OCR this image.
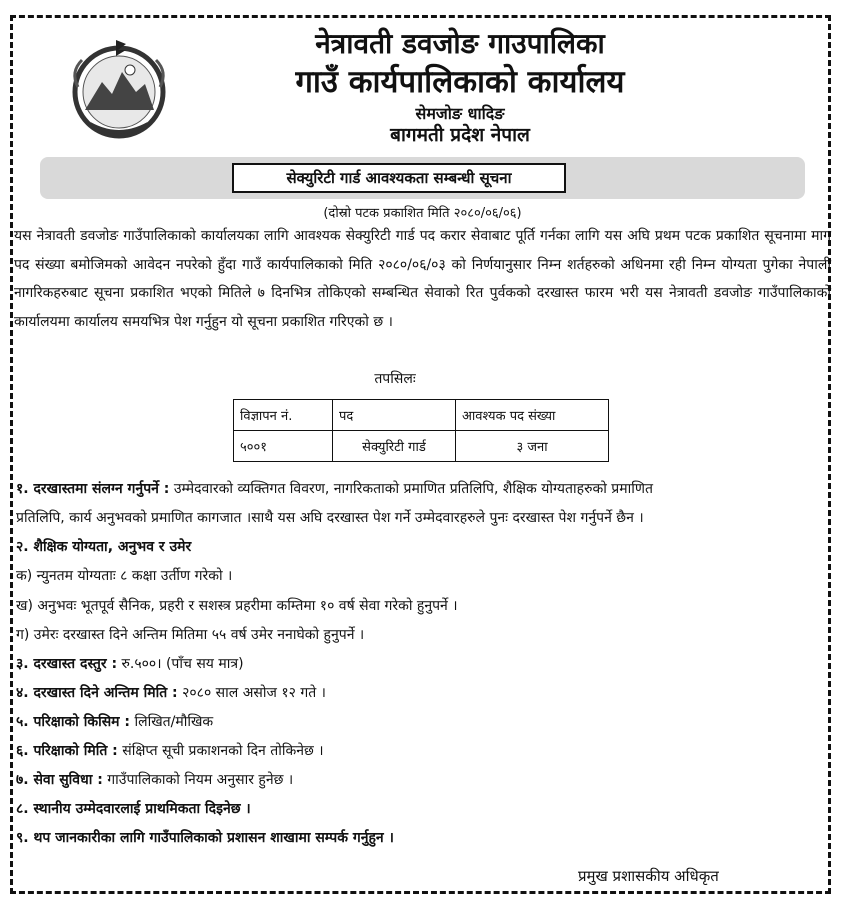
नेत्रावती डवजोङ गाउपालिका
गाउँ कार्यपालिकाको कार्यालय
सेमजोङ धादिङ
बागमती प्रदेश नेपाल
सेक्युरिटी गार्ड आवश्यकता सम्बन्धी सूचना
(दोस्रो पटक प्रकाशित मिति २०८०/०६/०६)
यस नेत्रावती डवजोङ गाउँपालिकाको कार्यालयका लागि आवश्यक सेक्युरिटी गार्ड पद करार सेवाबाट पूर्ति गर्नका लागि यस अघि प्रथम पटक प्रकाशित सूचनामा माग पद संख्या बमोजिमको आवेदन नपरेको हुँदा गाउँ कार्यपालिकाको मिति २०८०/०६/०३ को निर्णयानुसार निम्न शर्तहरुको अधिनमा रही निम्न योग्यता पुगेका नेपाली नागरिकहरुबाट सूचना प्रकाशित भएको मितिले ७ दिनभित्र तोकिएको सम्बन्धित सेवाको रित पुर्वकको दरखास्त फारम भरी यस नेत्रावती डवजोङ गाउँपालिकाको कार्यालयमा कार्यालय समयभित्र पेश गर्नुहुन यो सूचना प्रकाशित गरिएको छ ।
तपसिलः
विज्ञापन नं.	पद	आवश्यक पद संख्या
५००१	सेक्युरिटी गार्ड	३ जना
१. दरखास्तमा संलग्न गर्नुपर्ने : उम्मेदवारको व्यक्तिगत विवरण, नागरिकताको प्रमाणित प्रतिलिपि, शैक्षिक योग्यताहरुको प्रमाणित
प्रतिलिपि, कार्य अनुभवको प्रमाणित कागजात ।साथै यस अघि दरखास्त पेश गर्ने उम्मेदवारहरुले पुनः दरखास्त पेश गर्नुपर्ने छैन ।
२. शैक्षिक योग्यता, अनुभव र उमेर
क) न्युनतम योग्यताः ८ कक्षा उर्तीण गरेको ।
ख) अनुभवः भूतपूर्व सैनिक, प्रहरी र सशस्त्र प्रहरीमा कम्तिमा १० वर्ष सेवा गरेको हुनुपर्ने ।
ग) उमेरः दरखास्त दिने अन्तिम मितिमा ५५ वर्ष उमेर ननाघेको हुनुपर्ने ।
३. दरखास्त दस्तुर : रु.५००। (पाँच सय मात्र)
४. दरखास्त दिने अन्तिम मिति : २०८० साल असोज १२ गते ।
५. परिक्षाको किसिम : लिखित/मौखिक
६. परिक्षाको मिति : संक्षिप्त सूची प्रकाशनको दिन तोकिनेछ ।
७. सेवा सुविधा : गाउँपालिकाको नियम अनुसार हुनेछ ।
८. स्थानीय उम्मेदवारलाई प्राथमिकता दिइनेछ ।
९. थप जानकारीका लागि गाउँपालिकाको प्रशासन शाखामा सम्पर्क गर्नुहुन ।
प्रमुख प्रशासकीय अधिकृत
